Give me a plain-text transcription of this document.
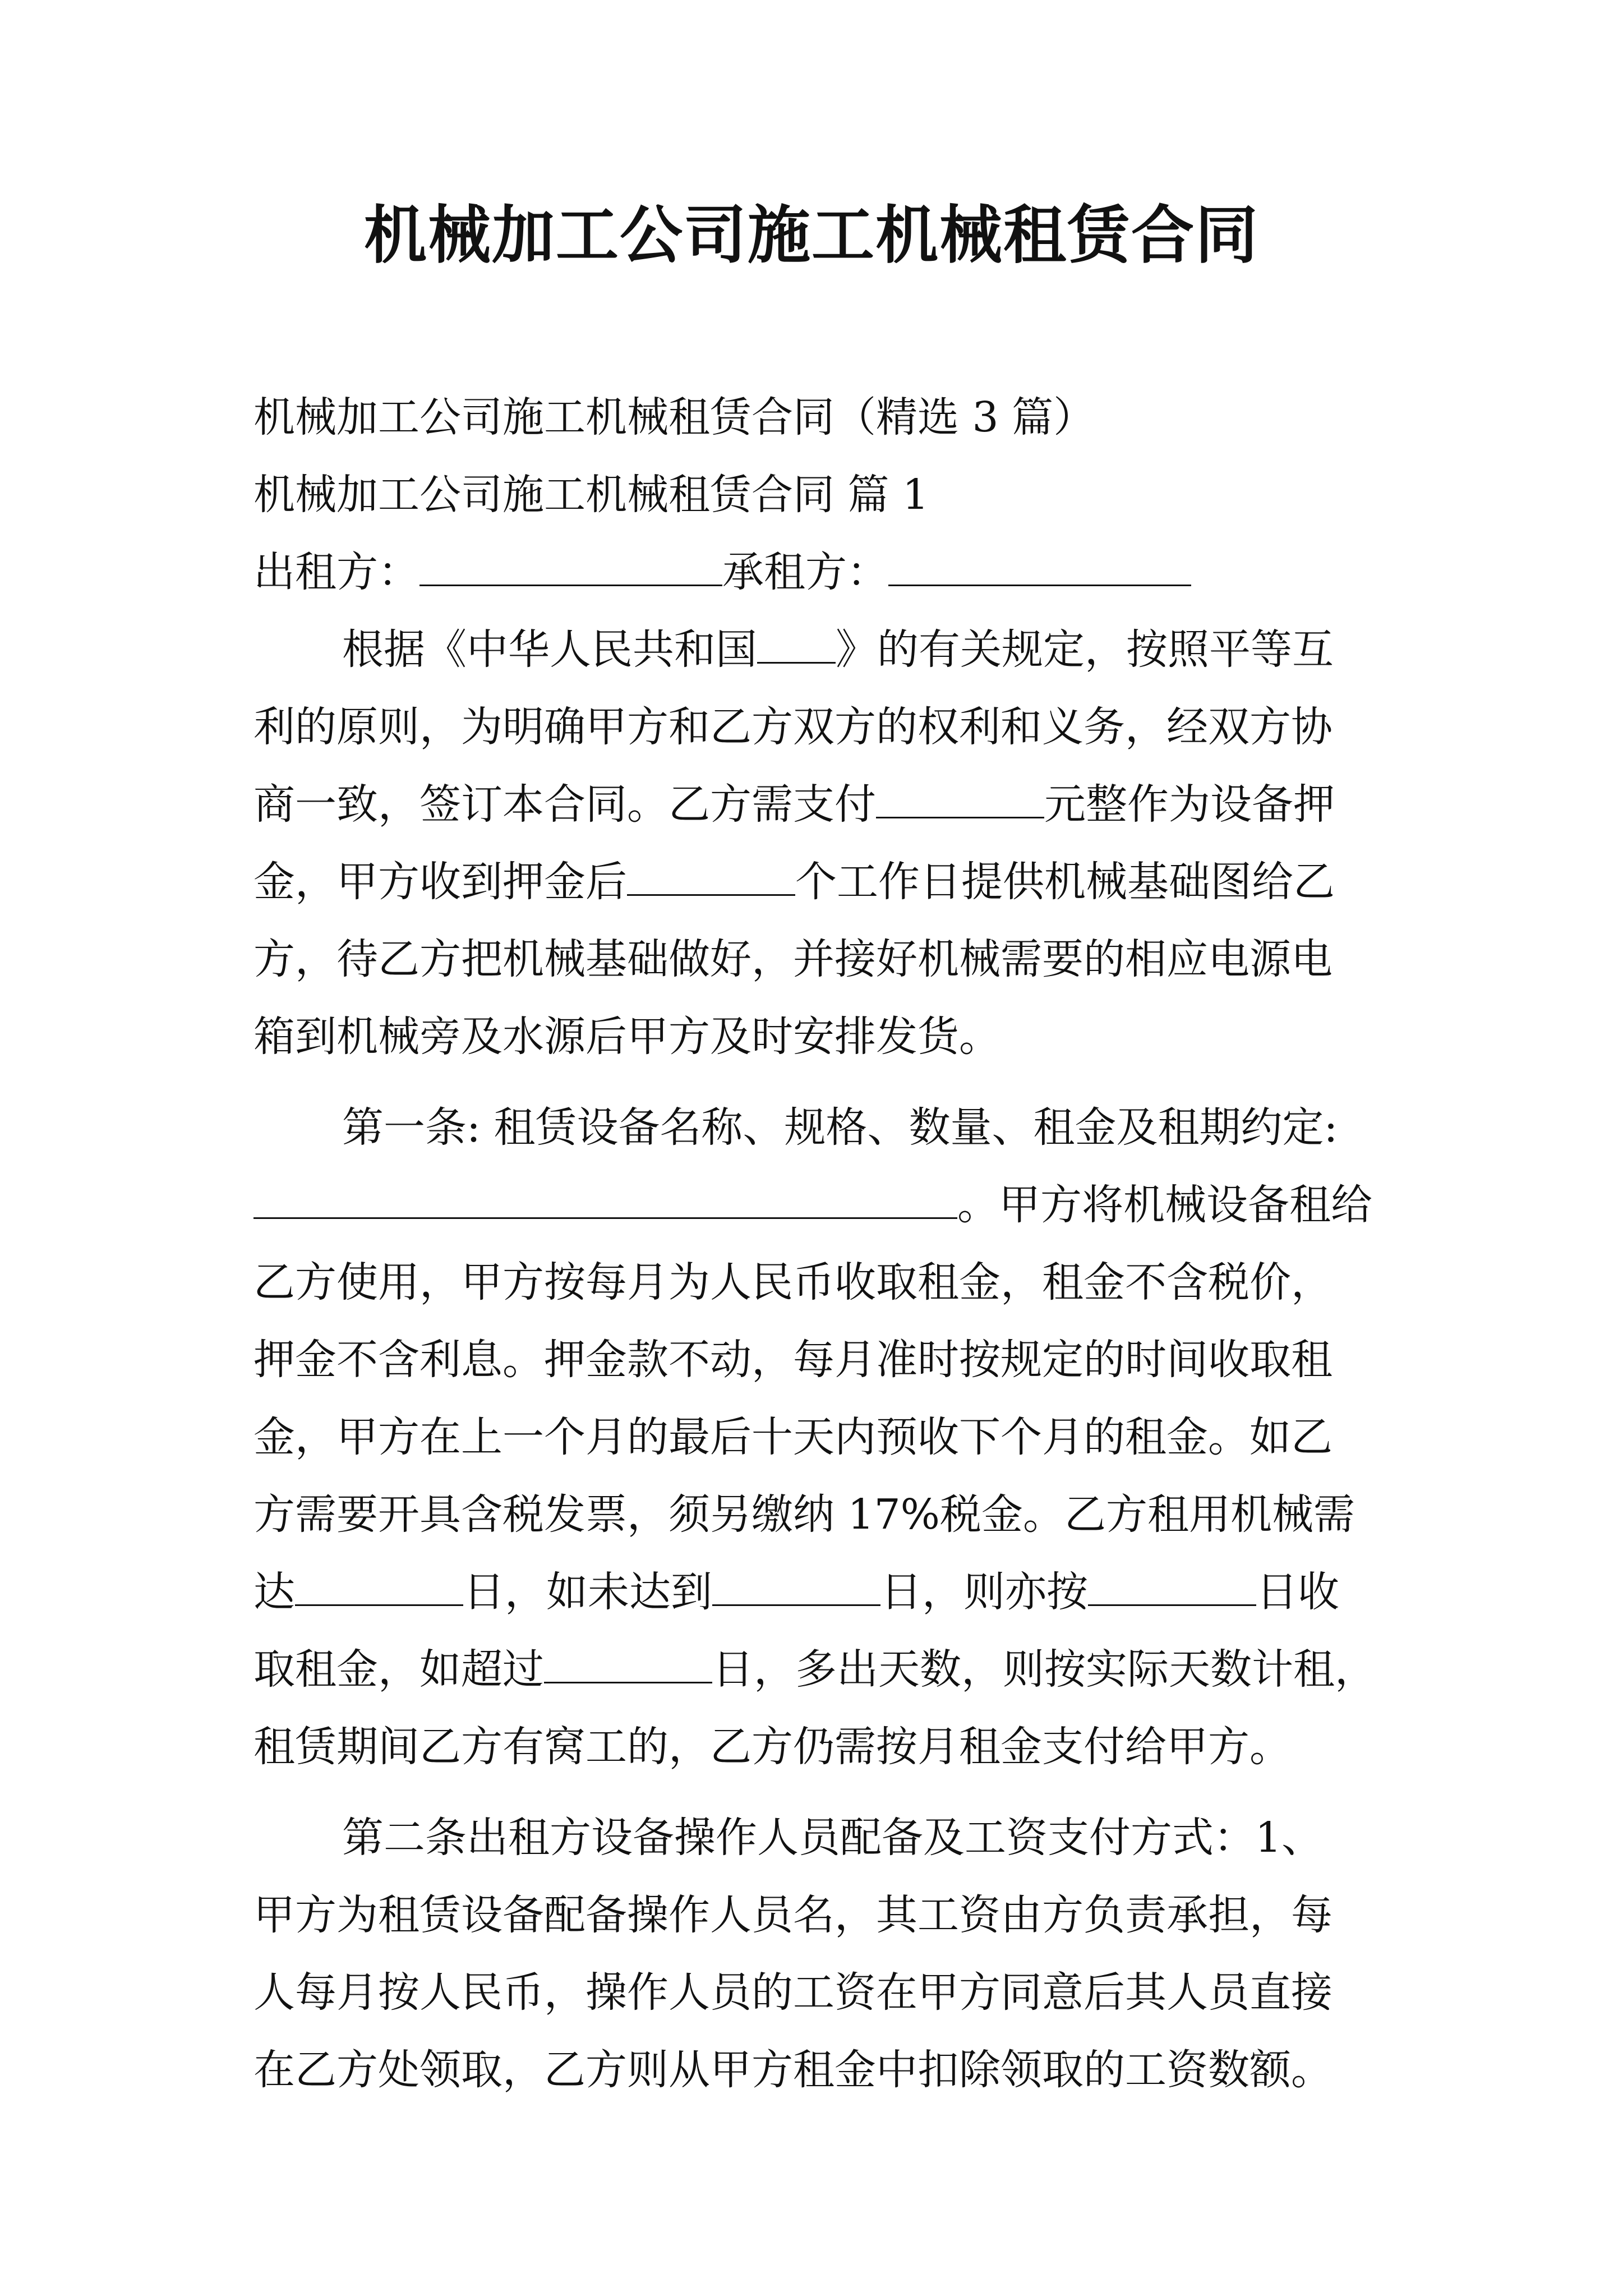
机械加工公司施工机械租赁合同

机械加工公司施工机械租赁合同（精选 3 篇）

机械加工公司施工机械租赁合同 篇 1

出租方：	承租方：

根据《中华人民共和国 》的有关规定，按照平等互
利的原则，为明确甲方和乙方双方的权利和义务，经双方协
商一致，签订本合同。乙方需支付	元整作为设备押
金，甲方收到押金后	个工作日提供机械基础图给乙
方，待乙方把机械基础做好，并接好机械需要的相应电源电
箱到机械旁及水源后甲方及时安排发货。
第一条: 租赁设备名称、规格、数量、租金及租期约定:
。甲方将机械设备租给
乙方使用，甲方按每月为人民币收取租金，租金不含税价，
押金不含利息。押金款不动，每月准时按规定的时间收取租
金，甲方在上一个月的最后十天内预收下个月的租金。如乙
方需要开具含税发票，须另缴纳 17%税金。乙方租用机械需
达	日，如未达到	日，则亦按	日收
取租金，如超过	日，多出天数，则按实际天数计租，
租赁期间乙方有窝工的，乙方仍需按月租金支付给甲方。
第二条出租方设备操作人员配备及工资支付方式：1、
甲方为租赁设备配备操作人员名，其工资由方负责承担，每
人每月按人民币，操作人员的工资在甲方同意后其人员直接
在乙方处领取，乙方则从甲方租金中扣除领取的工资数额。
